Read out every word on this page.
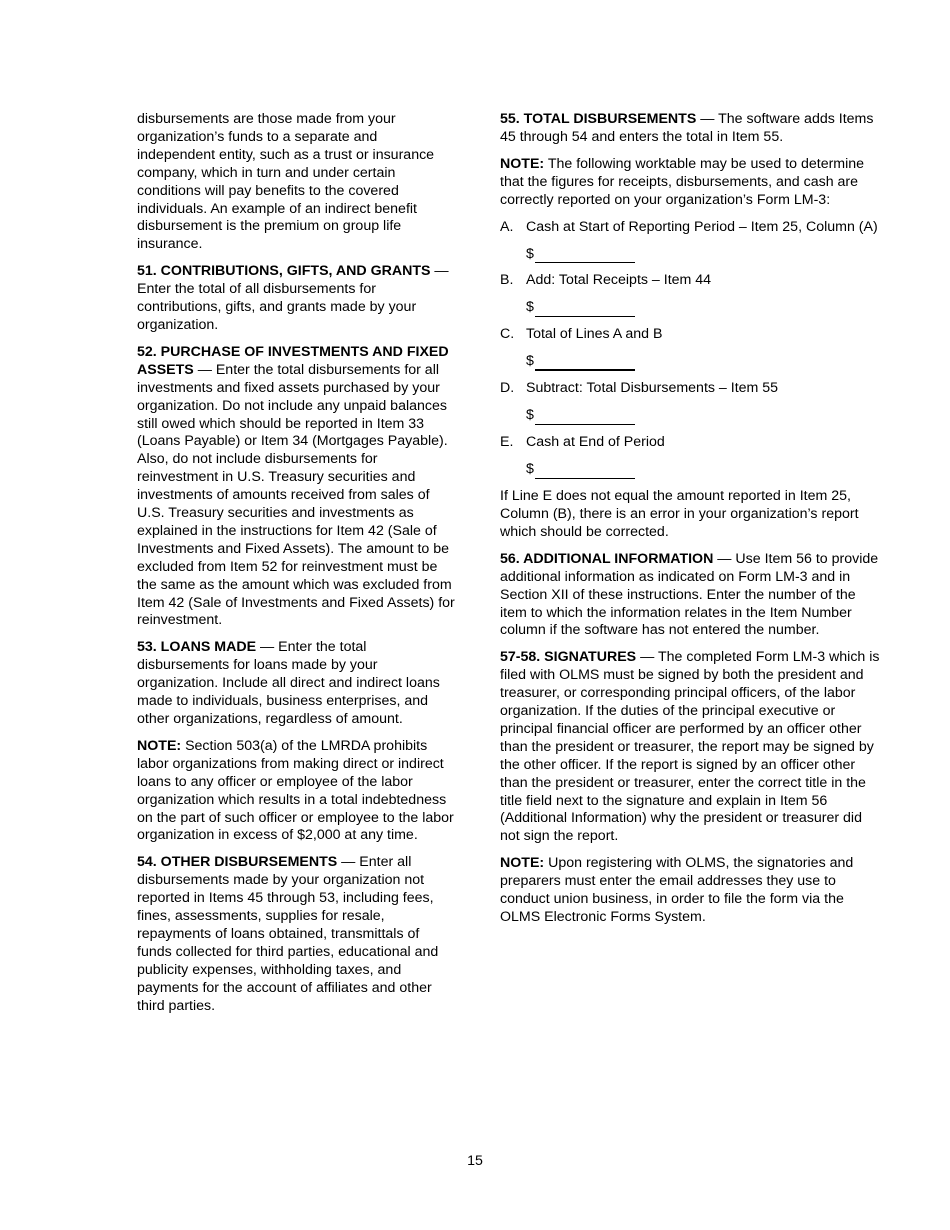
disbursements are those made from your organization’s funds to a separate and independent entity, such as a trust or insurance company, which in turn and under certain conditions will pay benefits to the covered individuals. An example of an indirect benefit disbursement is the premium on group life insurance.

51. CONTRIBUTIONS, GIFTS, AND GRANTS — Enter the total of all disbursements for contributions, gifts, and grants made by your organization.

52. PURCHASE OF INVESTMENTS AND FIXED ASSETS — Enter the total disbursements for all investments and fixed assets purchased by your organization. Do not include any unpaid balances still owed which should be reported in Item 33 (Loans Payable) or Item 34 (Mortgages Payable). Also, do not include disbursements for reinvestment in U.S. Treasury securities and investments of amounts received from sales of U.S. Treasury securities and investments as explained in the instructions for Item 42 (Sale of Investments and Fixed Assets). The amount to be excluded from Item 52 for reinvestment must be the same as the amount which was excluded from Item 42 (Sale of Investments and Fixed Assets) for reinvestment.

53. LOANS MADE — Enter the total disbursements for loans made by your organization. Include all direct and indirect loans made to individuals, business enterprises, and other organizations, regardless of amount.

NOTE: Section 503(a) of the LMRDA prohibits labor organizations from making direct or indirect loans to any officer or employee of the labor organization which results in a total indebtedness on the part of such officer or employee to the labor organization in excess of $2,000 at any time.

54. OTHER DISBURSEMENTS — Enter all disbursements made by your organization not reported in Items 45 through 53, including fees, fines, assessments, supplies for resale, repayments of loans obtained, transmittals of funds collected for third parties, educational and publicity expenses, withholding taxes, and payments for the account of affiliates and other third parties.

55. TOTAL DISBURSEMENTS — The software adds Items 45 through 54 and enters the total in Item 55.

NOTE: The following worktable may be used to determine that the figures for receipts, disbursements, and cash are correctly reported on your organization’s Form LM-3:

A. Cash at Start of Reporting Period – Item 25, Column (A)
$
B. Add: Total Receipts – Item 44
$
C. Total of Lines A and B
$
D. Subtract: Total Disbursements – Item 55
$
E. Cash at End of Period
$

If Line E does not equal the amount reported in Item 25, Column (B), there is an error in your organization’s report which should be corrected.

56. ADDITIONAL INFORMATION — Use Item 56 to provide additional information as indicated on Form LM-3 and in Section XII of these instructions. Enter the number of the item to which the information relates in the Item Number column if the software has not entered the number.

57-58. SIGNATURES — The completed Form LM-3 which is filed with OLMS must be signed by both the president and treasurer, or corresponding principal officers, of the labor organization. If the duties of the principal executive or principal financial officer are performed by an officer other than the president or treasurer, the report may be signed by the other officer. If the report is signed by an officer other than the president or treasurer, enter the correct title in the title field next to the signature and explain in Item 56 (Additional Information) why the president or treasurer did not sign the report.

NOTE: Upon registering with OLMS, the signatories and preparers must enter the email addresses they use to conduct union business, in order to file the form via the OLMS Electronic Forms System.

15
